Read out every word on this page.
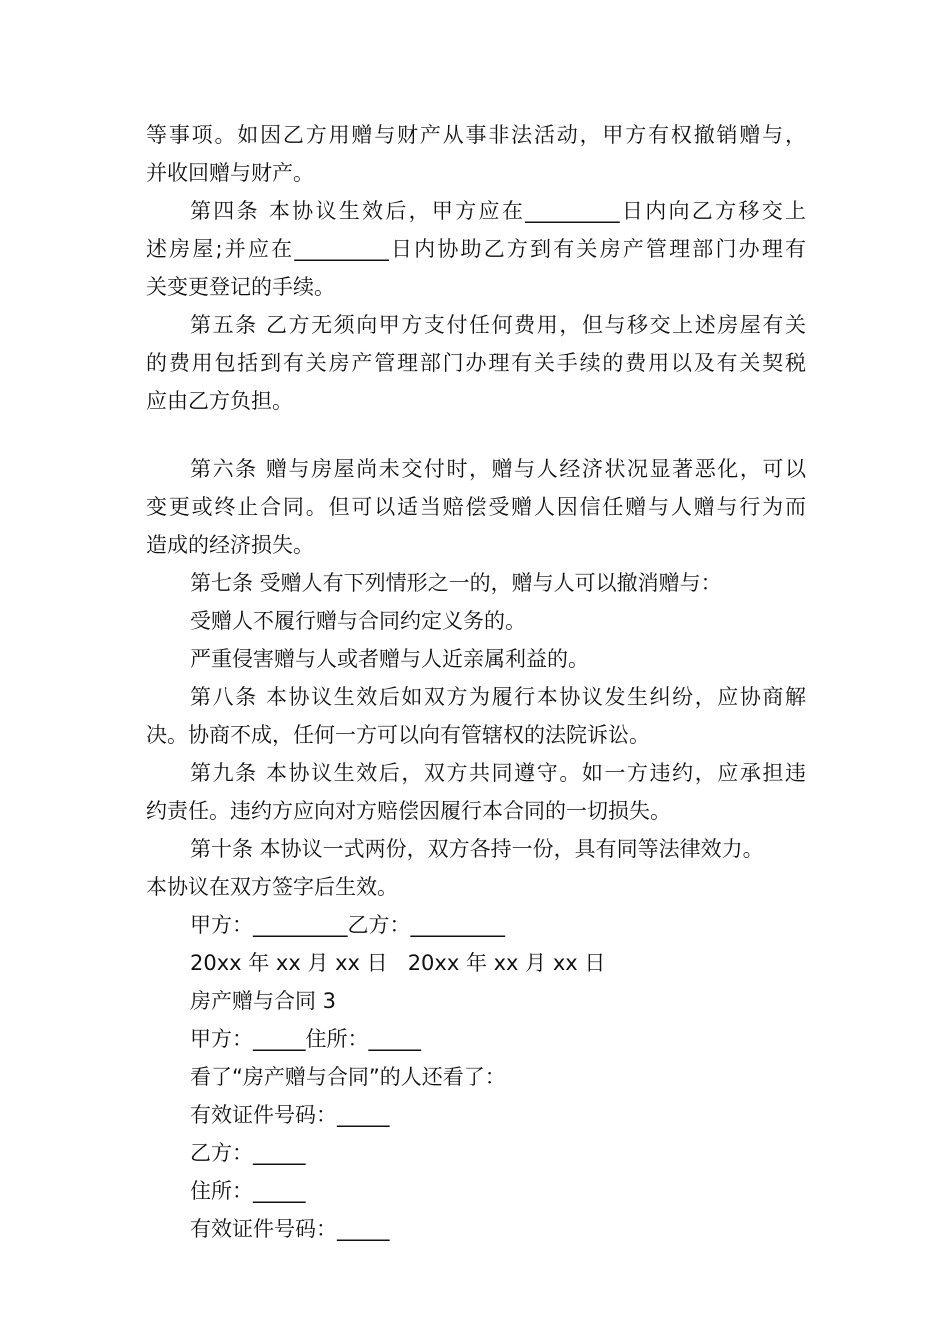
等事项。如因乙方用赠与财产从事非法活动，甲方有权撤销赠与，
并收回赠与财产。
第四条 本协议生效后，甲方应在_________日内向乙方移交上
述房屋;并应在_________日内协助乙方到有关房产管理部门办理有
关变更登记的手续。
第五条 乙方无须向甲方支付任何费用，但与移交上述房屋有关
的费用包括到有关房产管理部门办理有关手续的费用以及有关契税
应由乙方负担。
第六条 赠与房屋尚未交付时，赠与人经济状况显著恶化，可以
变更或终止合同。但可以适当赔偿受赠人因信任赠与人赠与行为而
造成的经济损失。
第七条 受赠人有下列情形之一的，赠与人可以撤消赠与：
受赠人不履行赠与合同约定义务的。
严重侵害赠与人或者赠与人近亲属利益的。
第八条 本协议生效后如双方为履行本协议发生纠纷，应协商解
决。协商不成，任何一方可以向有管辖权的法院诉讼。
第九条 本协议生效后，双方共同遵守。如一方违约，应承担违
约责任。违约方应向对方赔偿因履行本合同的一切损失。
第十条 本协议一式两份，双方各持一份，具有同等法律效力。
本协议在双方签字后生效。
甲方：_________乙方：_________
20xx 年 xx 月 xx 日   20xx 年 xx 月 xx 日
房产赠与合同 3
甲方：_____住所：_____
看了“房产赠与合同”的人还看了：
有效证件号码：_____
乙方：_____
住所：_____
有效证件号码：_____
